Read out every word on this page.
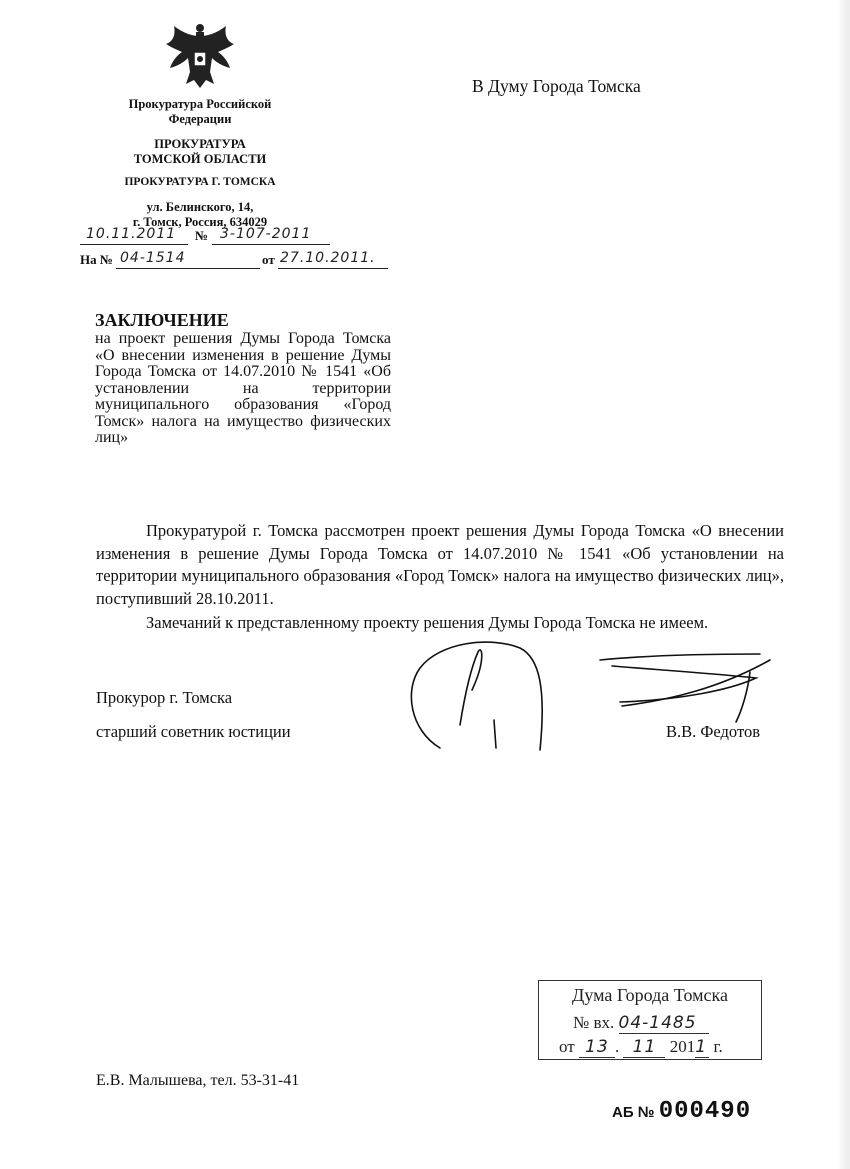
Прокуратура Российской
Федерации
ПРОКУРАТУРА
ТОМСКОЙ ОБЛАСТИ
ПРОКУРАТУРА Г. ТОМСКА
ул. Белинского, 14,
г. Томск, Россия, 634029
10.11.2011 № 3-107-2011
На № 04-1514	от 27.10.2011.
В Думу Города Томска
ЗАКЛЮЧЕНИЕ
на проект решения Думы Города Томска «О внесении изменения в решение Думы Города Томска от 14.07.2010 № 1541 «Об установлении на территории муниципального образования «Город Томск» налога на имущество физических лиц»
Прокуратурой г. Томска рассмотрен проект решения Думы Города Томска «О внесении изменения в решение Думы Города Томска от 14.07.2010 № 1541 «Об установлении на территории муниципального образования «Город Томск» налога на имущество физических лиц», поступивший 28.10.2011.
Замечаний к представленному проекту решения Думы Города Томска не имеем.
Прокурор г. Томска
старший советник юстиции	В.В. Федотов
Дума Города Томска
№ вх. 04-1485
от 13 . 11 2011 г.
Е.В. Малышева, тел. 53-31-41
АБ № 000490
